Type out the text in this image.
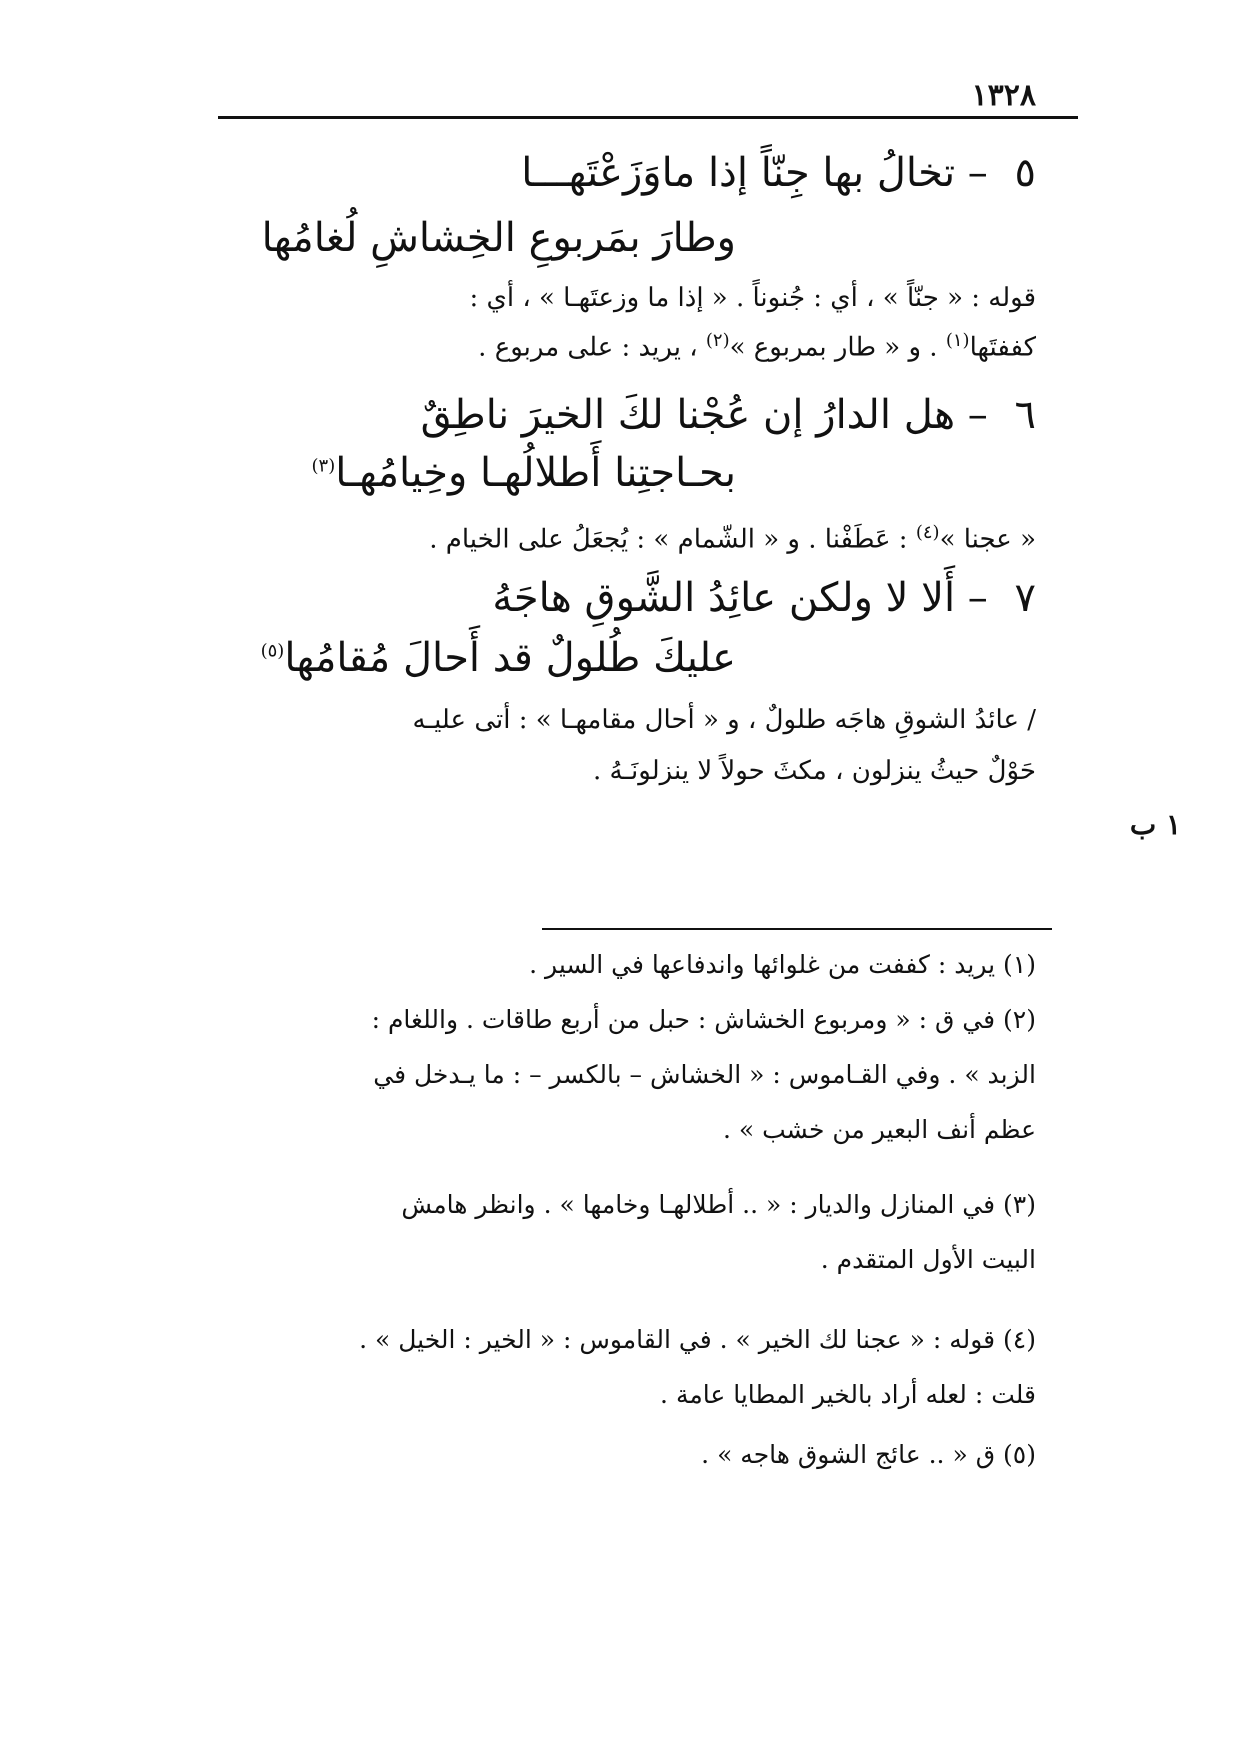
١٣٢٨
٥ – تخالُ بها جِنّاً إذا ماوَزَعْتَهـــا
وطارَ بمَربوعِ الخِشاشِ لُغامُها
قوله : « جنّاً » ، أي : جُنوناً . « إذا ما وزعتَهـا » ، أي :
كففتَها$^{(١)}$ . و « طار بمربوع »$^{(٢)}$ ، يريد : على مربوع .
٦ – هل الدارُ إن عُجْنا لكَ الخيرَ ناطِقٌ
بحـاجتِنا أَطلالُهـا وخِيامُهـا$^{(٣)}$
« عجنا »$^{(٤)}$ : عَطَفْنا . و « الشّمام » : يُجعَلُ على الخيام .
٧ – أَلا لا ولكن عائِدُ الشَّوقِ هاجَهُ
عليكَ طُلولٌ قد أَحالَ مُقامُها$^{(٥)}$
/ عائدُ الشوقِ هاجَه طلولٌ ، و « أحال مقامهـا » : أتى عليـه
حَوْلٌ حيثُ ينزلون ، مكثَ حولاً لا ينزلونَـهُ .
١ ب
(١) يريد : كففت من غلوائها واندفاعها في السير .
(٢) في ق : « ومربوع الخشاش : حبل من أربع طاقات . واللغام :
الزبد » . وفي القـاموس : « الخشاش – بالكسر – : ما يـدخل في
عظم أنف البعير من خشب » .
(٣) في المنازل والديار : « .. أطلالهـا وخامها » . وانظر هامش
البيت الأول المتقدم .
(٤) قوله : « عجنا لك الخير » . في القاموس : « الخير : الخيل » .
قلت : لعله أراد بالخير المطايا عامة .
(٥) ق « .. عائج الشوق هاجه » .
